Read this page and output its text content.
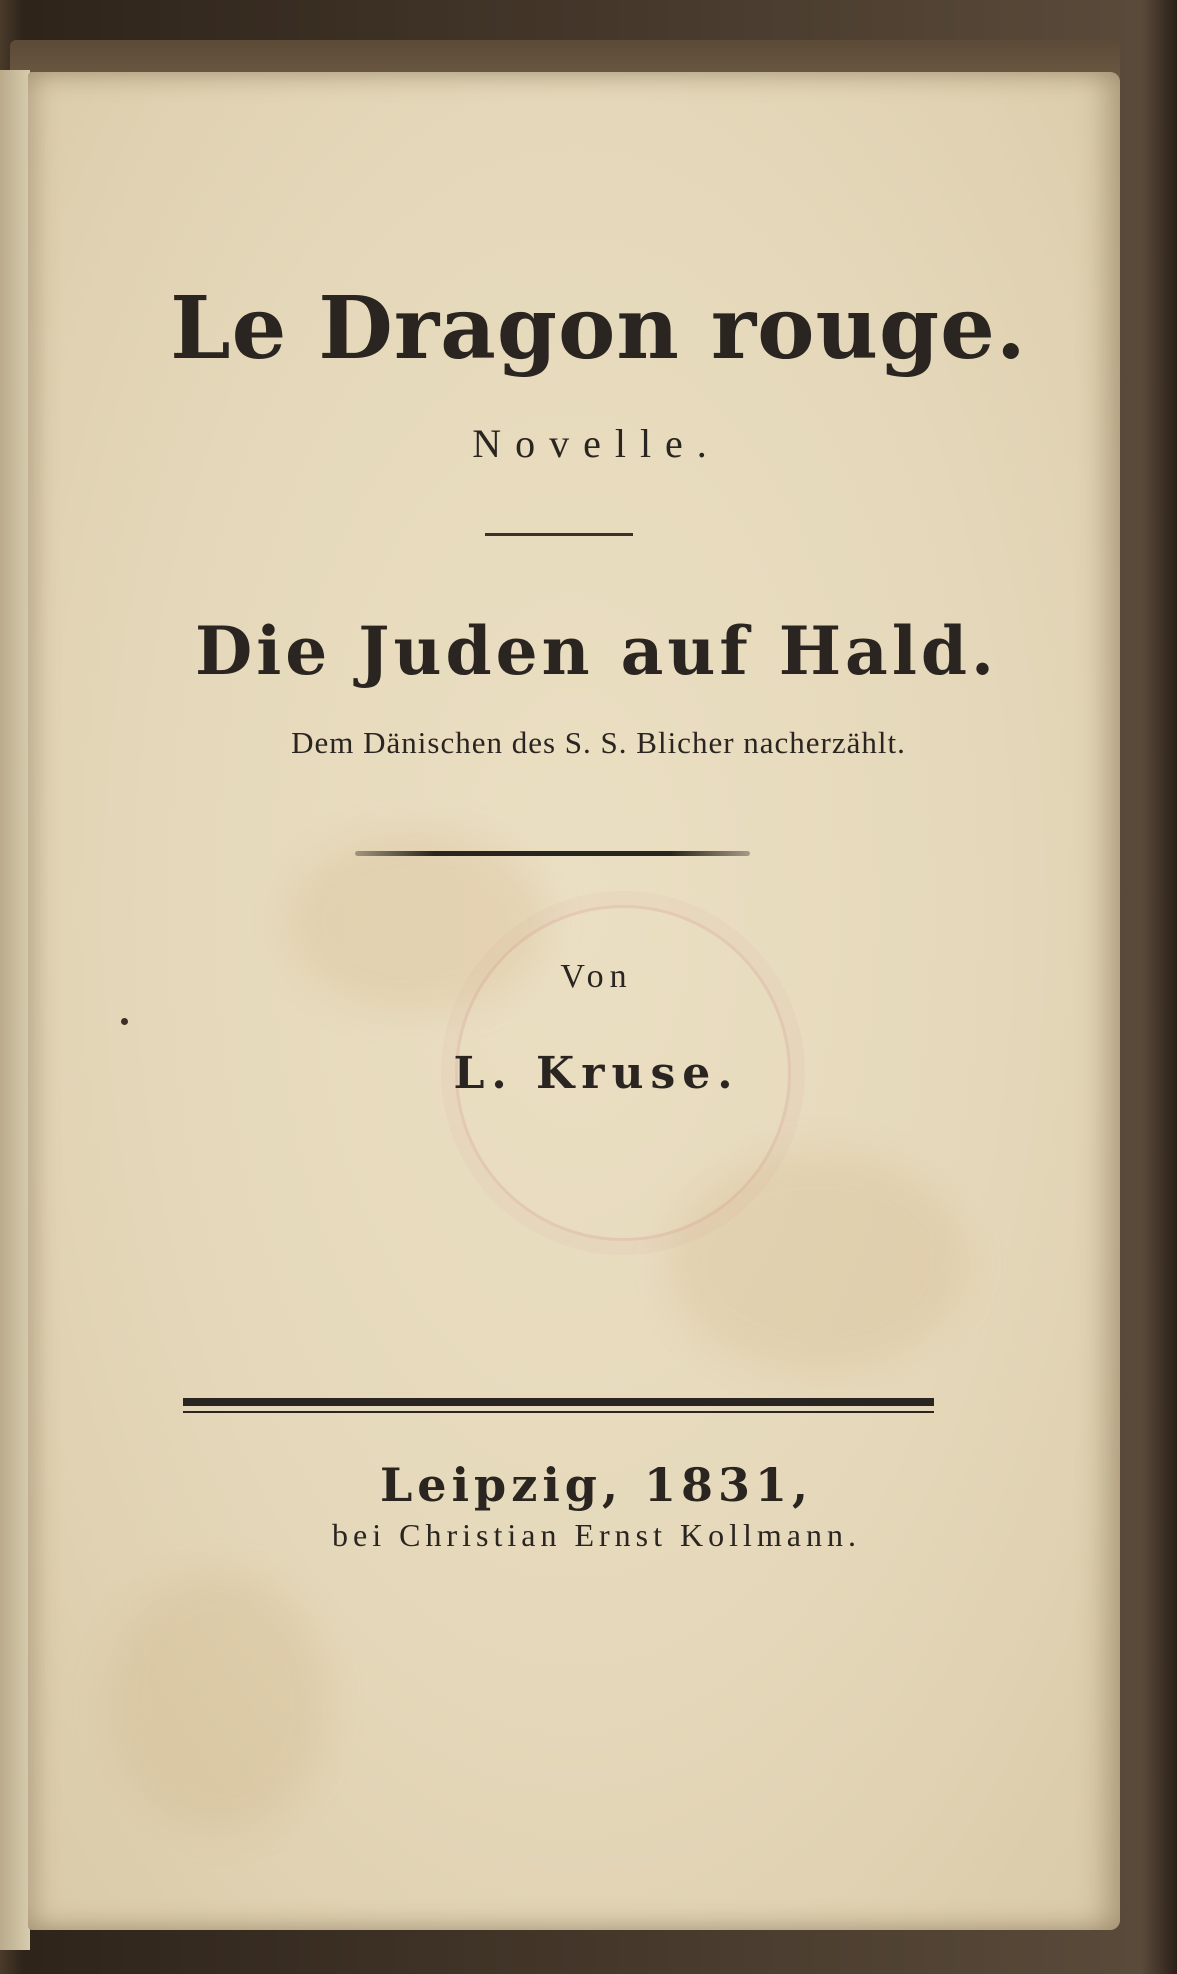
Le Dragon rouge.

Novelle.

Die Juden auf Hald.

Dem Dänischen des S. S. Blicher nacherzählt.

Von

L. Kruse.

Leipzig, 1831,

bei Christian Ernst Kollmann.
